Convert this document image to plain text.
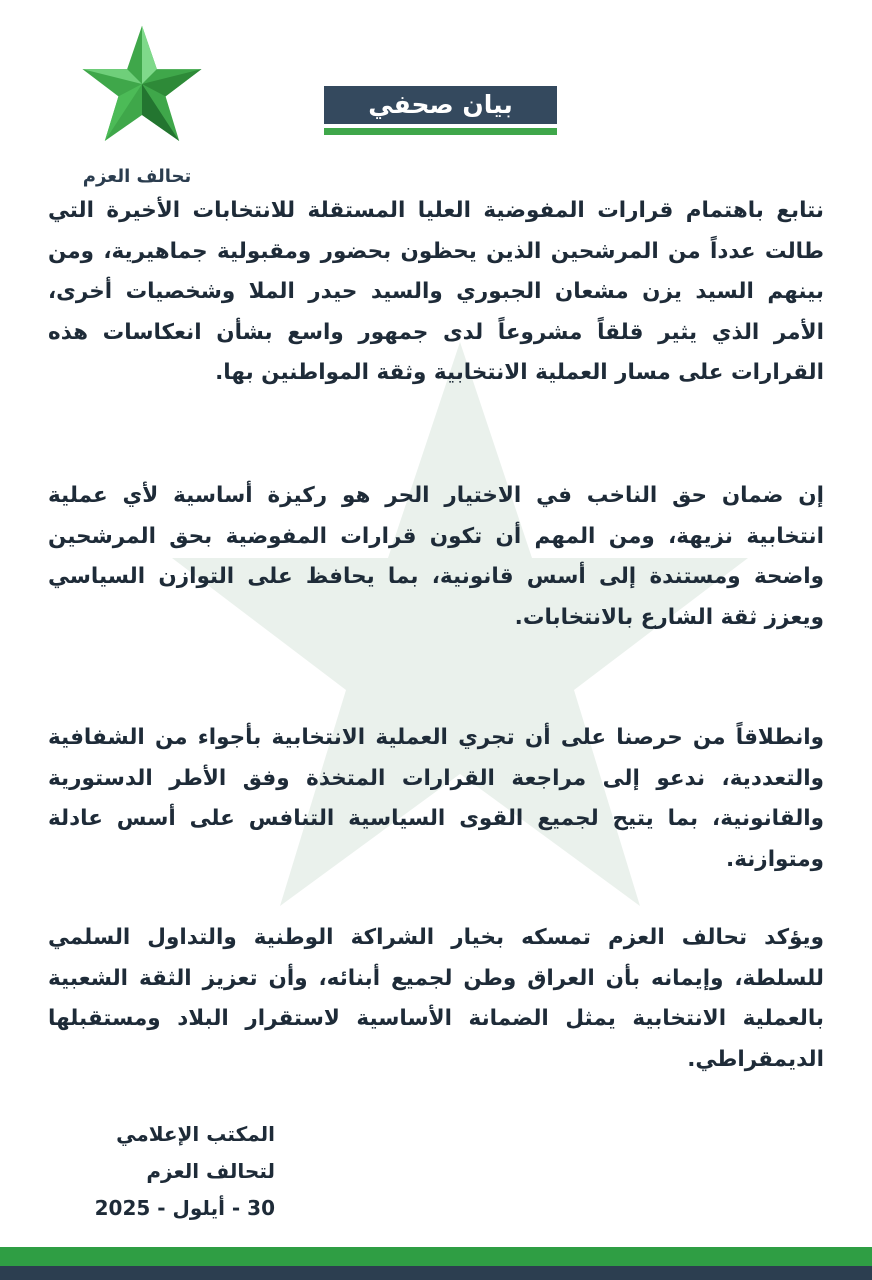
تحالف العزم
بيان صحفي

نتابع باهتمام قرارات المفوضية العليا المستقلة للانتخابات الأخيرة التي طالت عدداً من المرشحين الذين يحظون بحضور ومقبولية جماهيرية، ومن بينهم السيد يزن مشعان الجبوري والسيد حيدر الملا وشخصيات أخرى، الأمر الذي يثير قلقاً مشروعاً لدى جمهور واسع بشأن انعكاسات هذه القرارات على مسار العملية الانتخابية وثقة المواطنين بها.

إن ضمان حق الناخب في الاختيار الحر هو ركيزة أساسية لأي عملية انتخابية نزيهة، ومن المهم أن تكون قرارات المفوضية بحق المرشحين واضحة ومستندة إلى أسس قانونية، بما يحافظ على التوازن السياسي ويعزز ثقة الشارع بالانتخابات.

وانطلاقاً من حرصنا على أن تجري العملية الانتخابية بأجواء من الشفافية والتعددية، ندعو إلى مراجعة القرارات المتخذة وفق الأطر الدستورية والقانونية، بما يتيح لجميع القوى السياسية التنافس على أسس عادلة ومتوازنة.

ويؤكد تحالف العزم تمسكه بخيار الشراكة الوطنية والتداول السلمي للسلطة، وإيمانه بأن العراق وطن لجميع أبنائه، وأن تعزيز الثقة الشعبية بالعملية الانتخابية يمثل الضمانة الأساسية لاستقرار البلاد ومستقبلها الديمقراطي.

المكتب الإعلامي
لتحالف العزم
30 - أيلول - 2025
